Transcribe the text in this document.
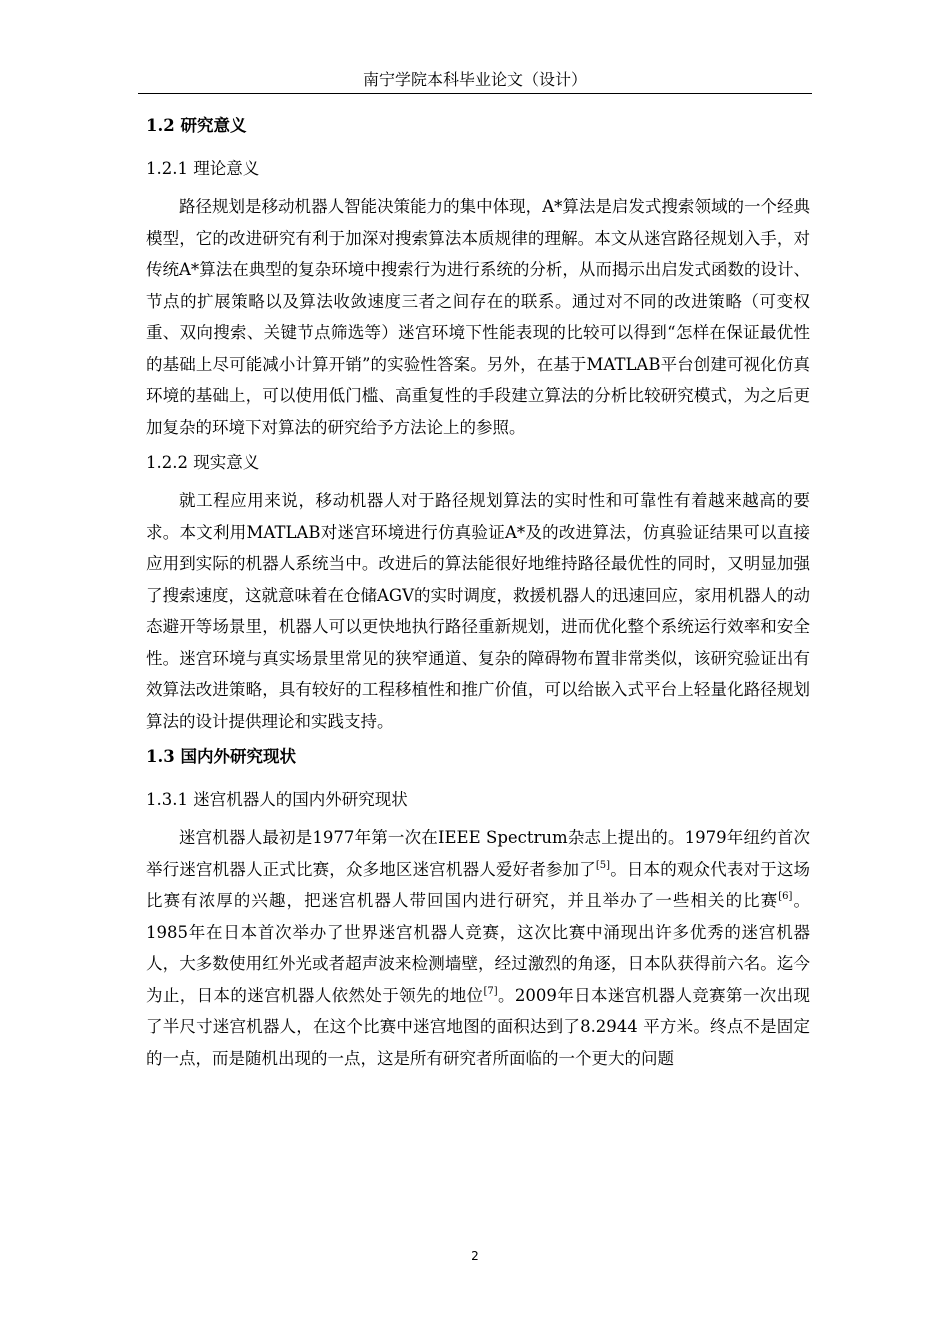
南宁学院本科毕业论文（设计）
1.2 研究意义
1.2.1 理论意义

路径规划是移动机器人智能决策能力的集中体现，A*算法是启发式搜索领域的一个经典模型，它的改进研究有利于加深对搜索算法本质规律的理解。本文从迷宫路径规划入手，对传统A*算法在典型的复杂环境中搜索行为进行系统的分析，从而揭示出启发式函数的设计、节点的扩展策略以及算法收敛速度三者之间存在的联系。通过对不同的改进策略（可变权重、双向搜索、关键节点筛选等）迷宫环境下性能表现的比较可以得到“怎样在保证最优性的基础上尽可能减小计算开销”的实验性答案。另外，在基于MATLAB平台创建可视化仿真环境的基础上，可以使用低门槛、高重复性的手段建立算法的分析比较研究模式，为之后更加复杂的环境下对算法的研究给予方法论上的参照。

1.2.2 现实意义

就工程应用来说，移动机器人对于路径规划算法的实时性和可靠性有着越来越高的要求。本文利用MATLAB对迷宫环境进行仿真验证A*及的改进算法，仿真验证结果可以直接应用到实际的机器人系统当中。改进后的算法能很好地维持路径最优性的同时，又明显加强了搜索速度，这就意味着在仓储AGV的实时调度，救援机器人的迅速回应，家用机器人的动态避开等场景里，机器人可以更快地执行路径重新规划，进而优化整个系统运行效率和安全性。迷宫环境与真实场景里常见的狭窄通道、复杂的障碍物布置非常类似，该研究验证出有效算法改进策略，具有较好的工程移植性和推广价值，可以给嵌入式平台上轻量化路径规划算法的设计提供理论和实践支持。

1.3 国内外研究现状
1.3.1 迷宫机器人的国内外研究现状

迷宫机器人最初是1977年第一次在IEEE Spectrum杂志上提出的。1979年纽约首次举行迷宫机器人正式比赛，众多地区迷宫机器人爱好者参加了[5]。日本的观众代表对于这场比赛有浓厚的兴趣，把迷宫机器人带回国内进行研究，并且举办了一些相关的比赛[6]。1985年在日本首次举办了世界迷宫机器人竞赛，这次比赛中涌现出许多优秀的迷宫机器人，大多数使用红外光或者超声波来检测墙壁，经过激烈的角逐，日本队获得前六名。迄今为止，日本的迷宫机器人依然处于领先的地位[7]。2009年日本迷宫机器人竞赛第一次出现了半尺寸迷宫机器人，在这个比赛中迷宫地图的面积达到了8.2944 平方米。终点不是固定的一点，而是随机出现的一点，这是所有研究者所面临的一个更大的问题

2
